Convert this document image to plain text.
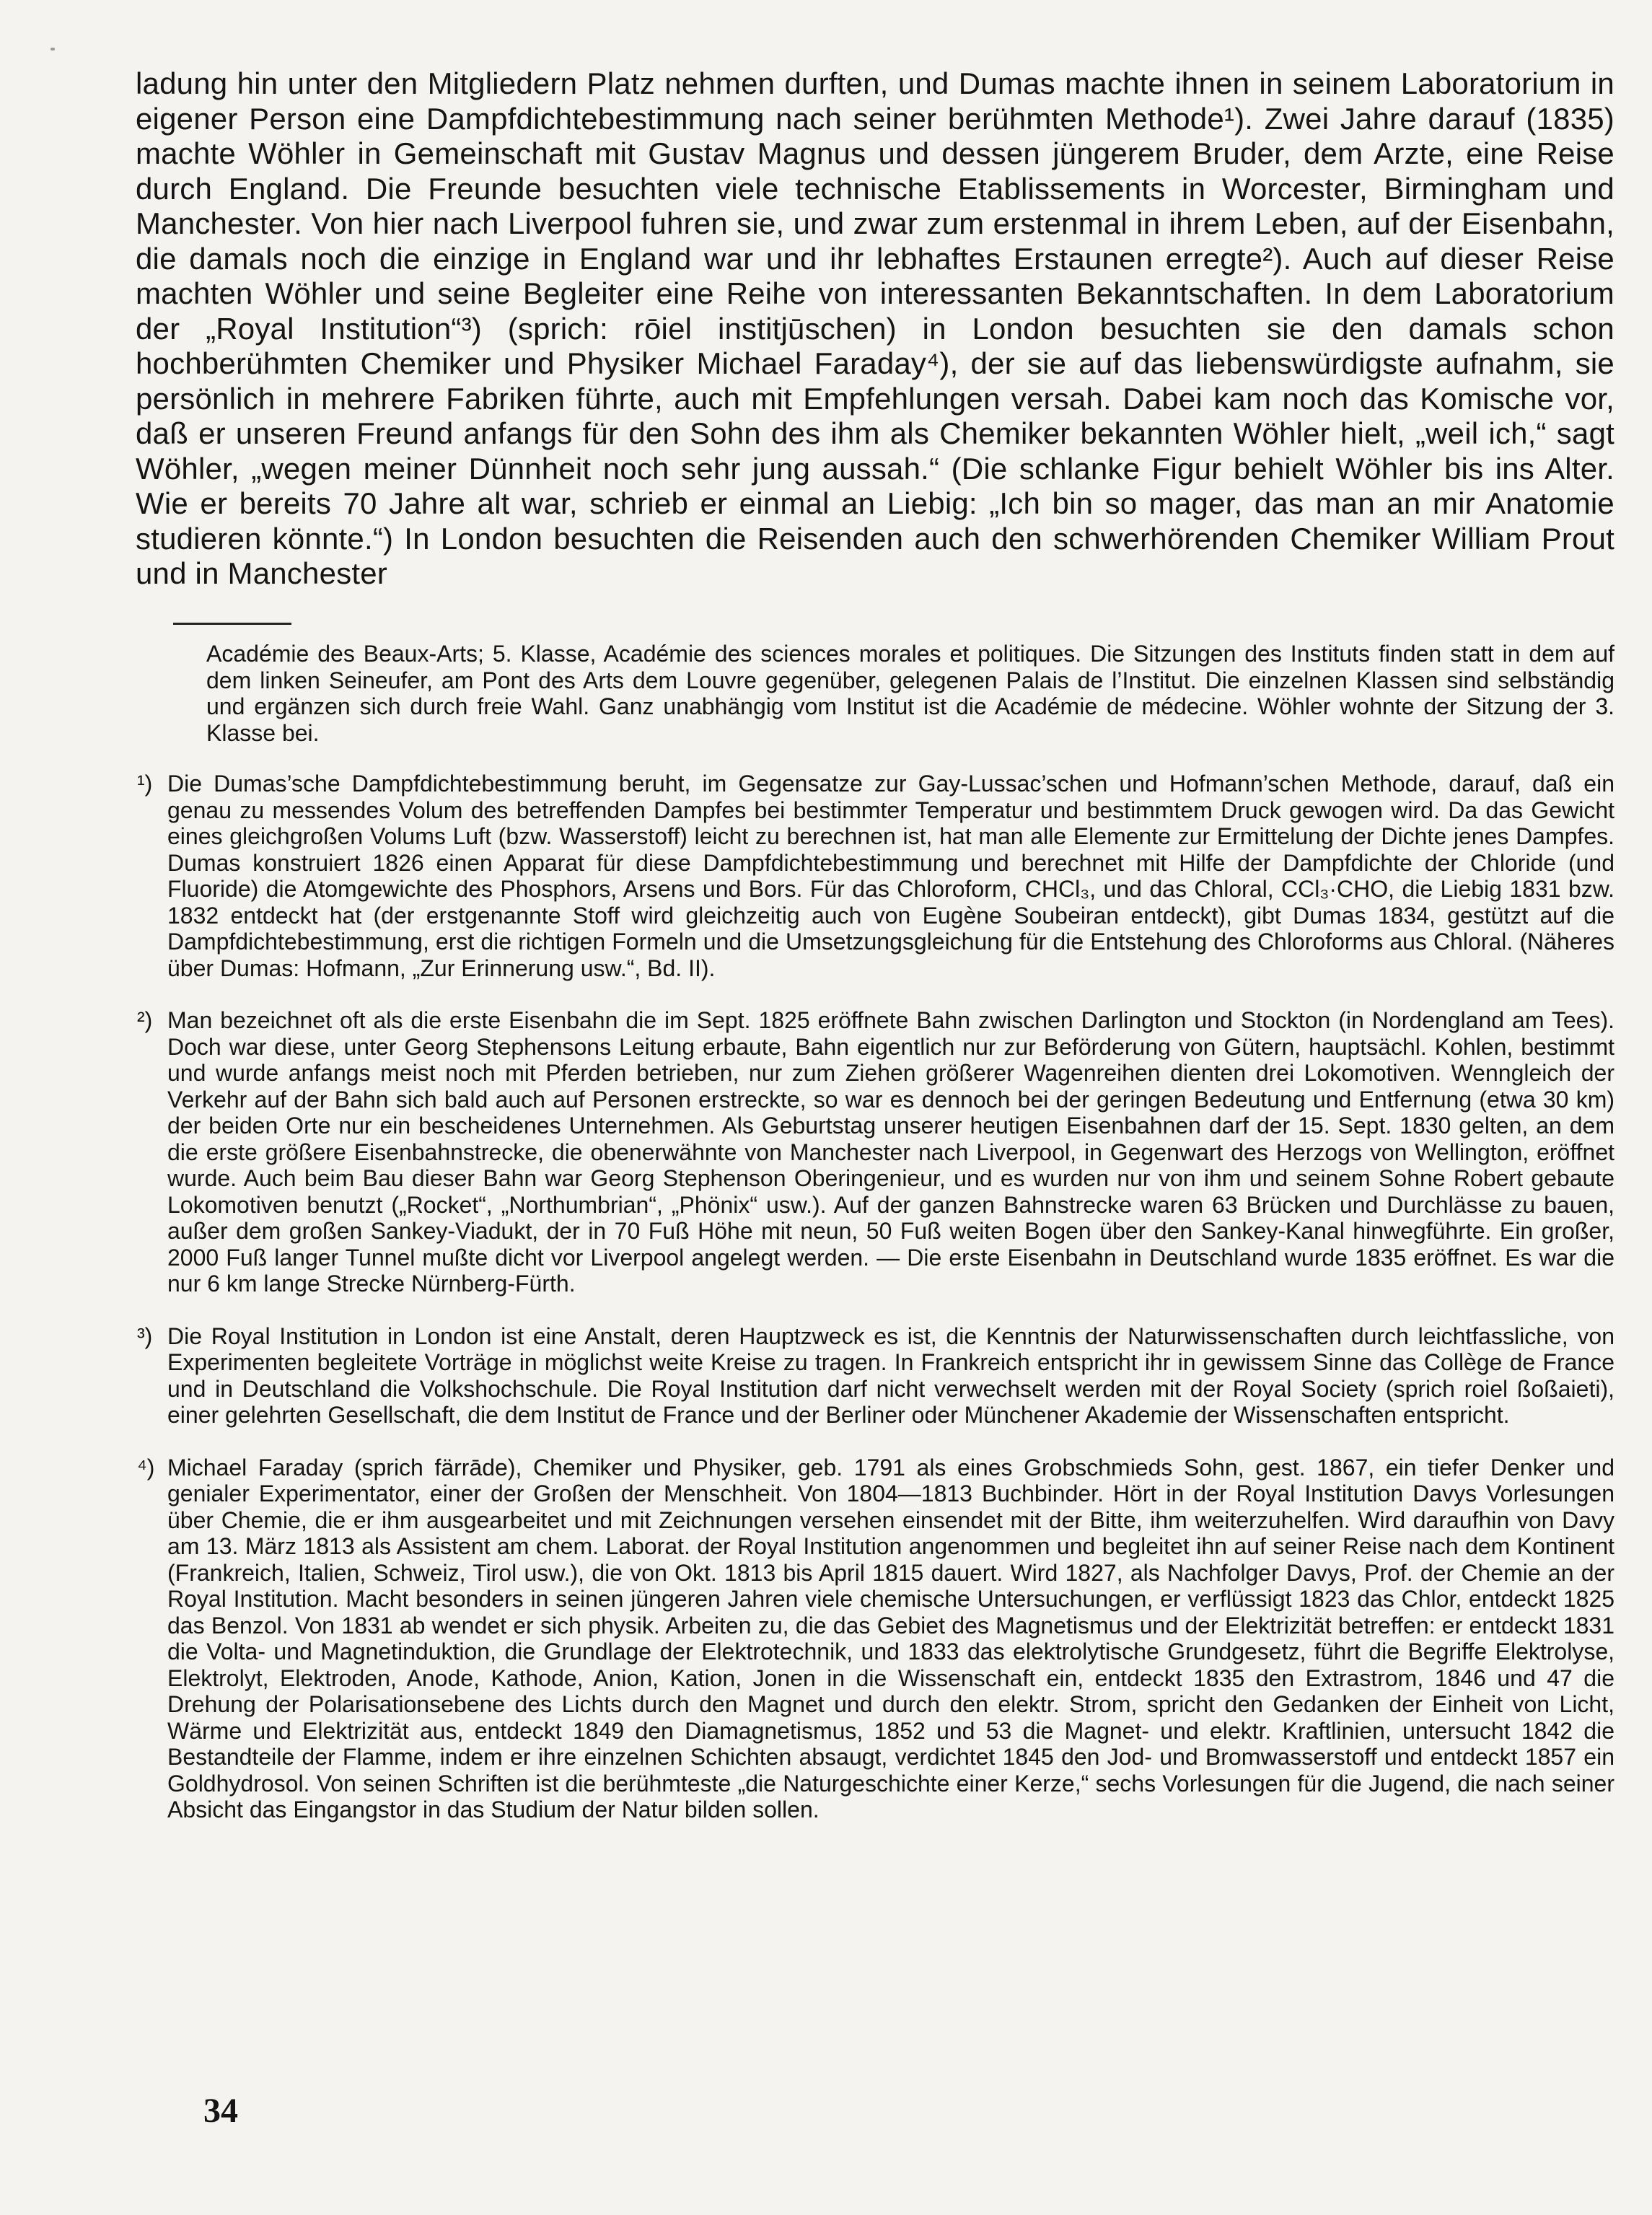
ladung hin unter den Mitgliedern Platz nehmen durften, und Dumas machte ihnen in seinem Laboratorium in eigener Person eine Dampfdichtebestimmung nach seiner berühmten Methode¹). Zwei Jahre darauf (1835) machte Wöhler in Gemeinschaft mit Gustav Magnus und dessen jüngerem Bruder, dem Arzte, eine Reise durch England. Die Freunde besuchten viele technische Etablissements in Worcester, Birmingham und Manchester. Von hier nach Liverpool fuhren sie, und zwar zum erstenmal in ihrem Leben, auf der Eisenbahn, die damals noch die einzige in England war und ihr lebhaftes Erstaunen erregte²). Auch auf dieser Reise machten Wöhler und seine Begleiter eine Reihe von interessanten Bekanntschaften. In dem Laboratorium der „Royal Institution“³) (sprich: rōiel institjūschen) in London besuchten sie den damals schon hochberühmten Chemiker und Physiker Michael Faraday⁴), der sie auf das liebenswürdigste aufnahm, sie persönlich in mehrere Fabriken führte, auch mit Empfehlungen versah. Dabei kam noch das Komische vor, daß er unseren Freund anfangs für den Sohn des ihm als Chemiker bekannten Wöhler hielt, „weil ich,“ sagt Wöhler, „wegen meiner Dünnheit noch sehr jung aussah.“ (Die schlanke Figur behielt Wöhler bis ins Alter. Wie er bereits 70 Jahre alt war, schrieb er einmal an Liebig: „Ich bin so mager, das man an mir Anatomie studieren könnte.“) In London besuchten die Reisenden auch den schwerhörenden Chemiker William Prout und in Manchester

Académie des Beaux-Arts; 5. Klasse, Académie des sciences morales et politiques. Die Sitzungen des Instituts finden statt in dem auf dem linken Seineufer, am Pont des Arts dem Louvre gegenüber, gelegenen Palais de l’Institut. Die einzelnen Klassen sind selbständig und ergänzen sich durch freie Wahl. Ganz unabhängig vom Institut ist die Académie de médecine. Wöhler wohnte der Sitzung der 3. Klasse bei.
¹) Die Dumas’sche Dampfdichtebestimmung beruht, im Gegensatze zur Gay-Lussac’schen und Hofmann’schen Methode, darauf, daß ein genau zu messendes Volum des betreffenden Dampfes bei bestimmter Temperatur und bestimmtem Druck gewogen wird. Da das Gewicht eines gleichgroßen Volums Luft (bzw. Wasserstoff) leicht zu berechnen ist, hat man alle Elemente zur Ermittelung der Dichte jenes Dampfes. Dumas konstruiert 1826 einen Apparat für diese Dampfdichtebestimmung und berechnet mit Hilfe der Dampfdichte der Chloride (und Fluoride) die Atomgewichte des Phosphors, Arsens und Bors. Für das Chloroform, CHCl₃, und das Chloral, CCl₃·CHO, die Liebig 1831 bzw. 1832 entdeckt hat (der erstgenannte Stoff wird gleichzeitig auch von Eugène Soubeiran entdeckt), gibt Dumas 1834, gestützt auf die Dampfdichtebestimmung, erst die richtigen Formeln und die Umsetzungsgleichung für die Entstehung des Chloroforms aus Chloral. (Näheres über Dumas: Hofmann, „Zur Erinnerung usw.“, Bd. II).
²) Man bezeichnet oft als die erste Eisenbahn die im Sept. 1825 eröffnete Bahn zwischen Darlington und Stockton (in Nordengland am Tees). Doch war diese, unter Georg Stephensons Leitung erbaute, Bahn eigentlich nur zur Beförderung von Gütern, hauptsächl. Kohlen, bestimmt und wurde anfangs meist noch mit Pferden betrieben, nur zum Ziehen größerer Wagenreihen dienten drei Lokomotiven. Wenngleich der Verkehr auf der Bahn sich bald auch auf Personen erstreckte, so war es dennoch bei der geringen Bedeutung und Entfernung (etwa 30 km) der beiden Orte nur ein bescheidenes Unternehmen. Als Geburtstag unserer heutigen Eisenbahnen darf der 15. Sept. 1830 gelten, an dem die erste größere Eisenbahnstrecke, die obenerwähnte von Manchester nach Liverpool, in Gegenwart des Herzogs von Wellington, eröffnet wurde. Auch beim Bau dieser Bahn war Georg Stephenson Oberingenieur, und es wurden nur von ihm und seinem Sohne Robert gebaute Lokomotiven benutzt („Rocket“, „Northumbrian“, „Phönix“ usw.). Auf der ganzen Bahnstrecke waren 63 Brücken und Durchlässe zu bauen, außer dem großen Sankey-Viadukt, der in 70 Fuß Höhe mit neun, 50 Fuß weiten Bogen über den Sankey-Kanal hinwegführte. Ein großer, 2000 Fuß langer Tunnel mußte dicht vor Liverpool angelegt werden. — Die erste Eisenbahn in Deutschland wurde 1835 eröffnet. Es war die nur 6 km lange Strecke Nürnberg-Fürth.
³) Die Royal Institution in London ist eine Anstalt, deren Hauptzweck es ist, die Kenntnis der Naturwissenschaften durch leichtfassliche, von Experimenten begleitete Vorträge in möglichst weite Kreise zu tragen. In Frankreich entspricht ihr in gewissem Sinne das Collège de France und in Deutschland die Volkshochschule. Die Royal Institution darf nicht verwechselt werden mit der Royal Society (sprich roiel ßoßaieti), einer gelehrten Gesellschaft, die dem Institut de France und der Berliner oder Münchener Akademie der Wissenschaften entspricht.
⁴) Michael Faraday (sprich färrāde), Chemiker und Physiker, geb. 1791 als eines Grobschmieds Sohn, gest. 1867, ein tiefer Denker und genialer Experimentator, einer der Großen der Menschheit. Von 1804—1813 Buchbinder. Hört in der Royal Institution Davys Vorlesungen über Chemie, die er ihm ausgearbeitet und mit Zeichnungen versehen einsendet mit der Bitte, ihm weiterzuhelfen. Wird daraufhin von Davy am 13. März 1813 als Assistent am chem. Laborat. der Royal Institution angenommen und begleitet ihn auf seiner Reise nach dem Kontinent (Frankreich, Italien, Schweiz, Tirol usw.), die von Okt. 1813 bis April 1815 dauert. Wird 1827, als Nachfolger Davys, Prof. der Chemie an der Royal Institution. Macht besonders in seinen jüngeren Jahren viele chemische Untersuchungen, er verflüssigt 1823 das Chlor, entdeckt 1825 das Benzol. Von 1831 ab wendet er sich physik. Arbeiten zu, die das Gebiet des Magnetismus und der Elektrizität betreffen: er entdeckt 1831 die Volta- und Magnetinduktion, die Grundlage der Elektrotechnik, und 1833 das elektrolytische Grundgesetz, führt die Begriffe Elektrolyse, Elektrolyt, Elektroden, Anode, Kathode, Anion, Kation, Jonen in die Wissenschaft ein, entdeckt 1835 den Extrastrom, 1846 und 47 die Drehung der Polarisationsebene des Lichts durch den Magnet und durch den elektr. Strom, spricht den Gedanken der Einheit von Licht, Wärme und Elektrizität aus, entdeckt 1849 den Diamagnetismus, 1852 und 53 die Magnet- und elektr. Kraftlinien, untersucht 1842 die Bestandteile der Flamme, indem er ihre einzelnen Schichten absaugt, verdichtet 1845 den Jod- und Bromwasserstoff und entdeckt 1857 ein Goldhydrosol. Von seinen Schriften ist die berühmteste „die Naturgeschichte einer Kerze,“ sechs Vorlesungen für die Jugend, die nach seiner Absicht das Eingangstor in das Studium der Natur bilden sollen.
34
